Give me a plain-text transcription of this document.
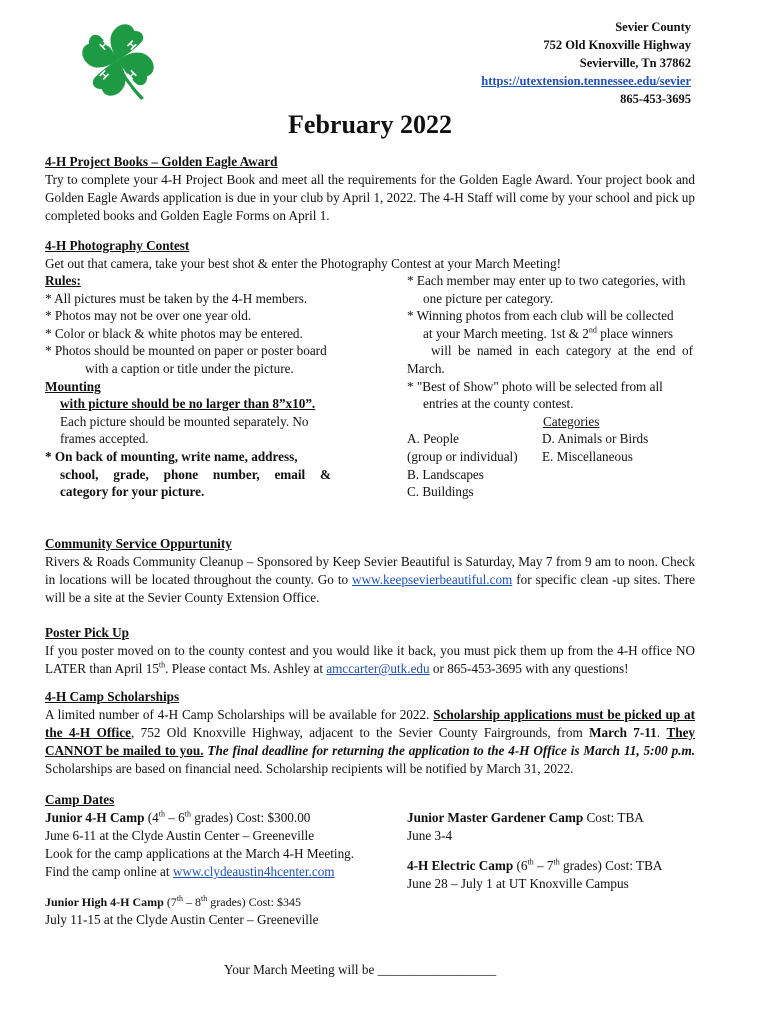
H H
H
H
Sevier County
752 Old Knoxville Highway
Sevierville, Tn 37862
https://utextension.tennessee.edu/sevier
865-453-3695
February 2022
4-H Project Books – Golden Eagle Award
Try to complete your 4-H Project Book and meet all the requirements for the Golden Eagle Award. Your project book and Golden Eagle Awards application is due in your club by April 1, 2022. The 4-H Staff will come by your school and pick up completed books and Golden Eagle Forms on April 1.
4-H Photography Contest
Get out that camera, take your best shot & enter the Photography Contest at your March Meeting!
Rules:
* All pictures must be taken by the 4-H members.
* Photos may not be over one year old.
* Color or black & white photos may be entered.
* Photos should be mounted on paper or poster board
with a caption or title under the picture.
Mounting
with picture should be no larger than 8”x10”.
Each picture should be mounted separately. No
frames accepted.
* On back of mounting, write name, address,
school, grade, phone number, email &
category for your picture.
* Each member may enter up to two categories, with
one picture per category.
* Winning photos from each club will be collected
at your March meeting. 1st & 2nd place winners
will be named in each category at the end of March.
* "Best of Show" photo will be selected from all
entries at the county contest.
Categories
A. People
(group or individual)
B. Landscapes
C. Buildings
D. Animals or Birds
E. Miscellaneous
Community Service Oppurtunity
Rivers & Roads Community Cleanup – Sponsored by Keep Sevier Beautiful is Saturday, May 7 from 9 am to noon. Check in locations will be located throughout the county. Go to www.keepsevierbeautiful.com for specific clean -up sites. There will be a site at the Sevier County Extension Office.
Poster Pick Up
If you poster moved on to the county contest and you would like it back, you must pick them up from the 4-H office NO LATER than April 15th. Please contact Ms. Ashley at amccarter@utk.edu or 865-453-3695 with any questions!
4-H Camp Scholarships
A limited number of 4-H Camp Scholarships will be available for 2022. Scholarship applications must be picked up at the 4-H Office, 752 Old Knoxville Highway, adjacent to the Sevier County Fairgrounds, from March 7-11. They CANNOT be mailed to you. The final deadline for returning the application to the 4-H Office is March 11, 5:00 p.m. Scholarships are based on financial need. Scholarship recipients will be notified by March 31, 2022.
Camp Dates
Junior 4-H Camp (4th – 6th grades) Cost: $300.00
June 6-11 at the Clyde Austin Center – Greeneville
Look for the camp applications at the March 4-H Meeting.
Find the camp online at www.clydeaustin4hcenter.com
Junior High 4-H Camp (7th – 8th grades) Cost: $345
July 11-15 at the Clyde Austin Center – Greeneville
Junior Master Gardener Camp Cost: TBA
June 3-4
4-H Electric Camp (6th – 7th grades) Cost: TBA
June 28 – July 1 at UT Knoxville Campus
Your March Meeting will be __________________
